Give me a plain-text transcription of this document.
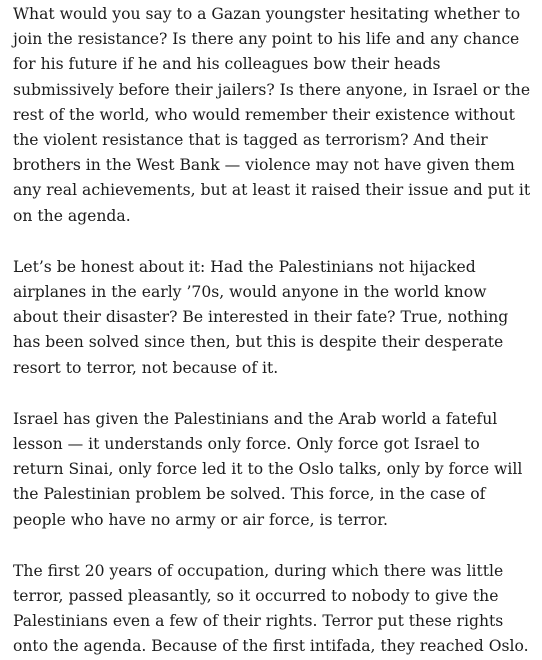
What would you say to a Gazan youngster hesitating whether to join the resistance? Is there any point to his life and any chance for his future if he and his colleagues bow their heads submissively before their jailers? Is there anyone, in Israel or the rest of the world, who would remember their existence without the violent resistance that is tagged as terrorism? And their brothers in the West Bank — violence may not have given them any real achievements, but at least it raised their issue and put it on the agenda.

Let’s be honest about it: Had the Palestinians not hijacked airplanes in the early ’70s, would anyone in the world know about their disaster? Be interested in their fate? True, nothing has been solved since then, but this is despite their desperate resort to terror, not because of it.

Israel has given the Palestinians and the Arab world a fateful lesson — it understands only force. Only force got Israel to return Sinai, only force led it to the Oslo talks, only by force will the Palestinian problem be solved. This force, in the case of people who have no army or air force, is terror.

The first 20 years of occupation, during which there was little terror, passed pleasantly, so it occurred to nobody to give the Palestinians even a few of their rights. Terror put these rights onto the agenda. Because of the first intifada, they reached Oslo.
